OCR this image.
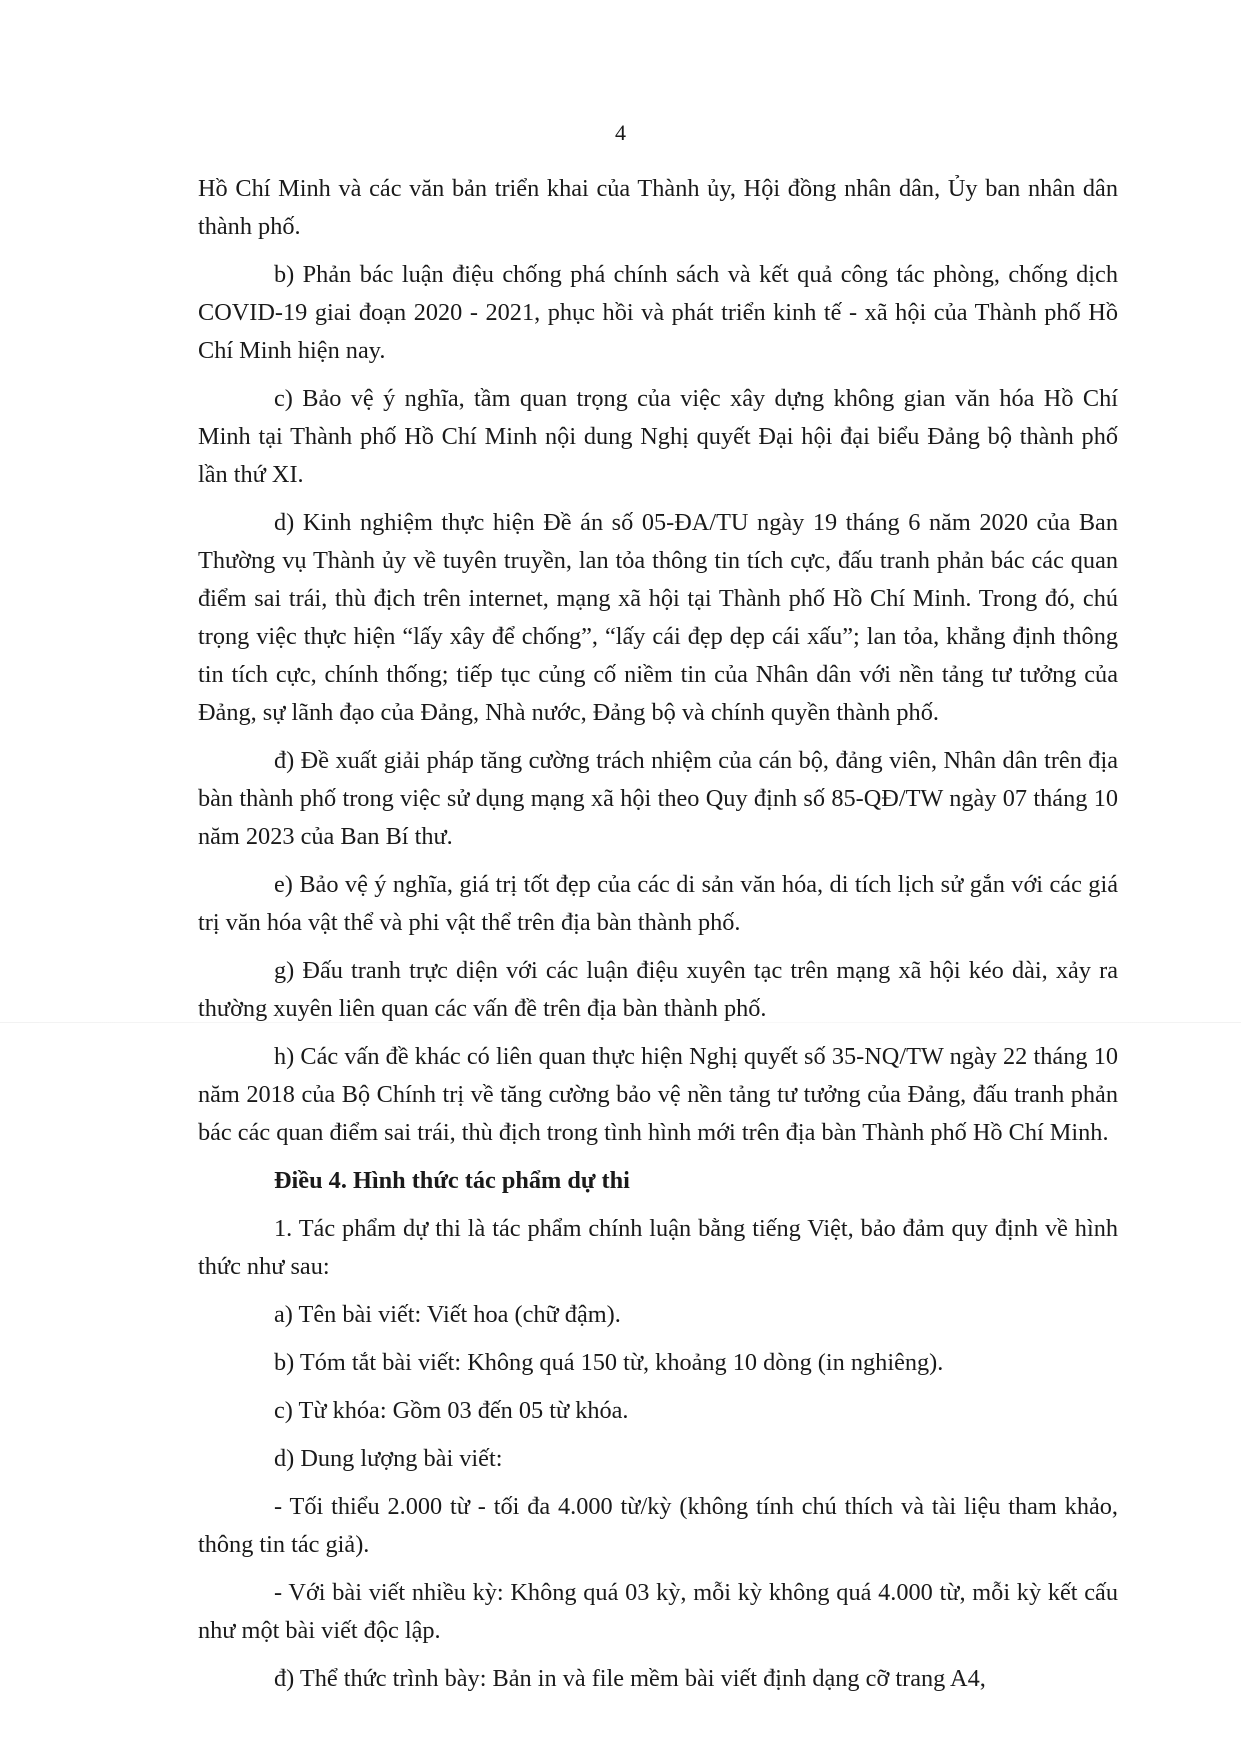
4

Hồ Chí Minh và các văn bản triển khai của Thành ủy, Hội đồng nhân dân, Ủy ban nhân dân thành phố.

b) Phản bác luận điệu chống phá chính sách và kết quả công tác phòng, chống dịch COVID-19 giai đoạn 2020 - 2021, phục hồi và phát triển kinh tế - xã hội của Thành phố Hồ Chí Minh hiện nay.

c) Bảo vệ ý nghĩa, tầm quan trọng của việc xây dựng không gian văn hóa Hồ Chí Minh tại Thành phố Hồ Chí Minh nội dung Nghị quyết Đại hội đại biểu Đảng bộ thành phố lần thứ XI.

d) Kinh nghiệm thực hiện Đề án số 05-ĐA/TU ngày 19 tháng 6 năm 2020 của Ban Thường vụ Thành ủy về tuyên truyền, lan tỏa thông tin tích cực, đấu tranh phản bác các quan điểm sai trái, thù địch trên internet, mạng xã hội tại Thành phố Hồ Chí Minh. Trong đó, chú trọng việc thực hiện “lấy xây để chống”, “lấy cái đẹp dẹp cái xấu”; lan tỏa, khẳng định thông tin tích cực, chính thống; tiếp tục củng cố niềm tin của Nhân dân với nền tảng tư tưởng của Đảng, sự lãnh đạo của Đảng, Nhà nước, Đảng bộ và chính quyền thành phố.

đ) Đề xuất giải pháp tăng cường trách nhiệm của cán bộ, đảng viên, Nhân dân trên địa bàn thành phố trong việc sử dụng mạng xã hội theo Quy định số 85-QĐ/TW ngày 07 tháng 10 năm 2023 của Ban Bí thư.

e) Bảo vệ ý nghĩa, giá trị tốt đẹp của các di sản văn hóa, di tích lịch sử gắn với các giá trị văn hóa vật thể và phi vật thể trên địa bàn thành phố.

g) Đấu tranh trực diện với các luận điệu xuyên tạc trên mạng xã hội kéo dài, xảy ra thường xuyên liên quan các vấn đề trên địa bàn thành phố.

h) Các vấn đề khác có liên quan thực hiện Nghị quyết số 35-NQ/TW ngày 22 tháng 10 năm 2018 của Bộ Chính trị về tăng cường bảo vệ nền tảng tư tưởng của Đảng, đấu tranh phản bác các quan điểm sai trái, thù địch trong tình hình mới trên địa bàn Thành phố Hồ Chí Minh.

Điều 4. Hình thức tác phẩm dự thi

1. Tác phẩm dự thi là tác phẩm chính luận bằng tiếng Việt, bảo đảm quy định về hình thức như sau:

a) Tên bài viết: Viết hoa (chữ đậm).

b) Tóm tắt bài viết: Không quá 150 từ, khoảng 10 dòng (in nghiêng).

c) Từ khóa: Gồm 03 đến 05 từ khóa.

d) Dung lượng bài viết:

- Tối thiểu 2.000 từ - tối đa 4.000 từ/kỳ (không tính chú thích và tài liệu tham khảo, thông tin tác giả).

- Với bài viết nhiều kỳ: Không quá 03 kỳ, mỗi kỳ không quá 4.000 từ, mỗi kỳ kết cấu như một bài viết độc lập.

đ) Thể thức trình bày: Bản in và file mềm bài viết định dạng cỡ trang A4,
